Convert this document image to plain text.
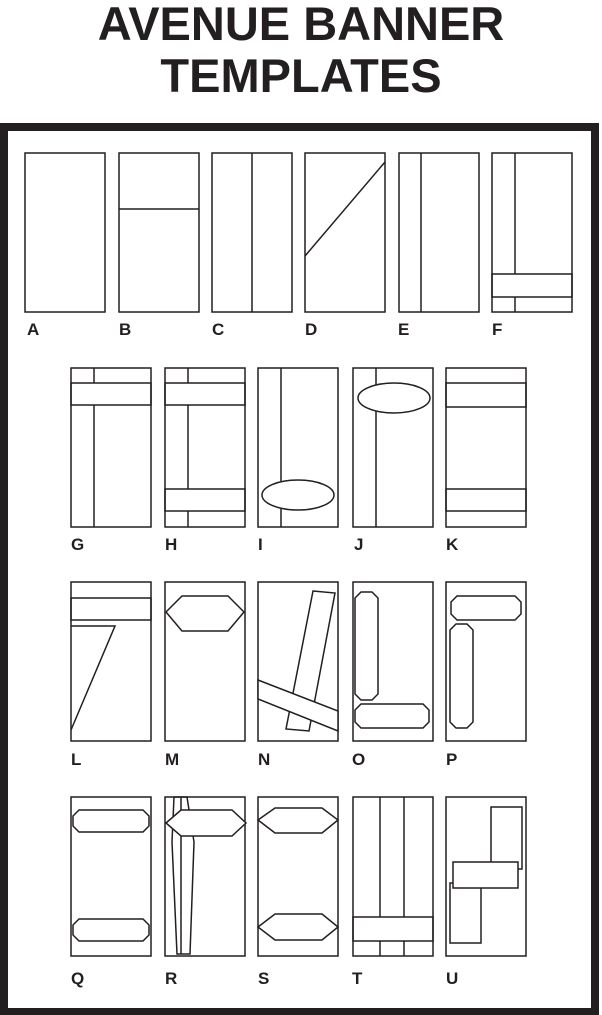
AVENUE BANNER
TEMPLATES
A	B	C	D	E	F
G	H	I	J	K
L	M	N	O	P
Q	R	S	T	U
